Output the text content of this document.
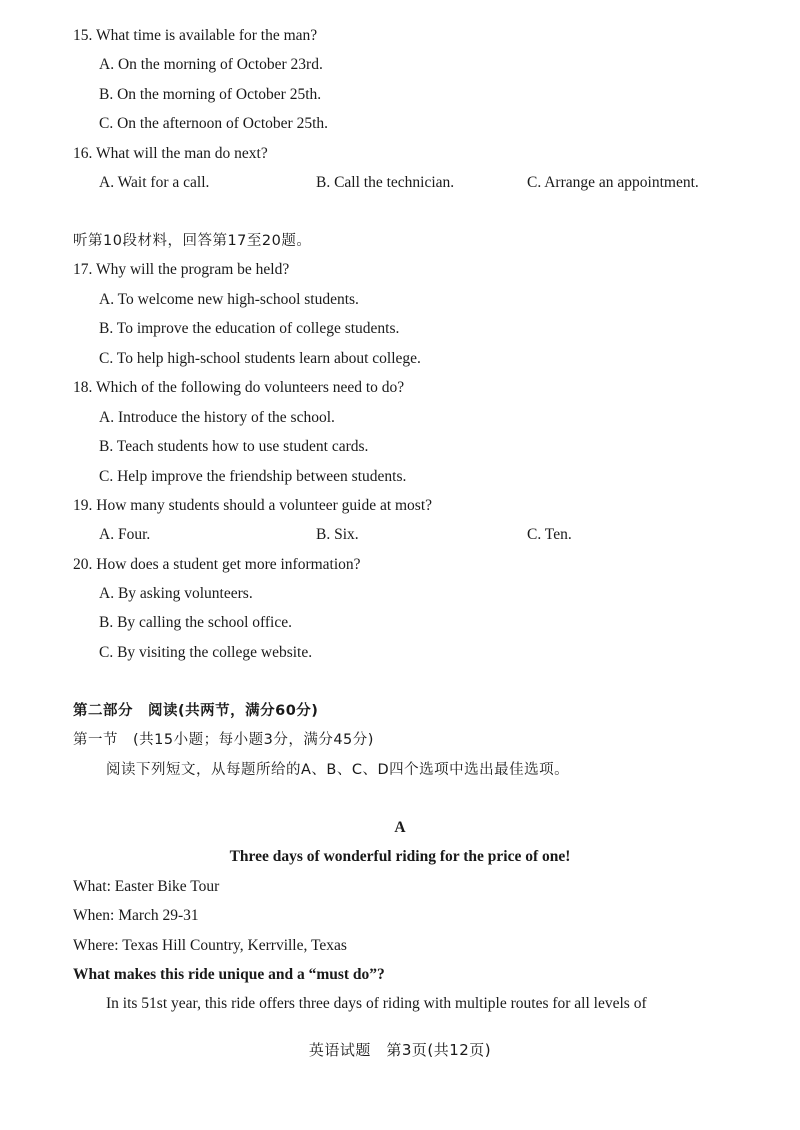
15. What time is available for the man?
A. On the morning of October 23rd.
B. On the morning of October 25th.
C. On the afternoon of October 25th.
16. What will the man do next?
A. Wait for a call.	B. Call the technician.	C. Arrange an appointment.
听第10段材料，回答第17至20题。
17. Why will the program be held?
A. To welcome new high-school students.
B. To improve the education of college students.
C. To help high-school students learn about college.
18. Which of the following do volunteers need to do?
A. Introduce the history of the school.
B. Teach students how to use student cards.
C. Help improve the friendship between students.
19. How many students should a volunteer guide at most?
A. Four.	B. Six.	C. Ten.
20. How does a student get more information?
A. By asking volunteers.
B. By calling the school office.
C. By visiting the college website.
第二部分　阅读(共两节，满分60分)
第一节　(共15小题；每小题3分，满分45分)
阅读下列短文，从每题所给的A、B、C、D四个选项中选出最佳选项。
A
Three days of wonderful riding for the price of one!
What: Easter Bike Tour
When: March 29-31
Where: Texas Hill Country, Kerrville, Texas
What makes this ride unique and a “must do”?
In its 51st year, this ride offers three days of riding with multiple routes for all levels of
英语试题　第3页(共12页)
